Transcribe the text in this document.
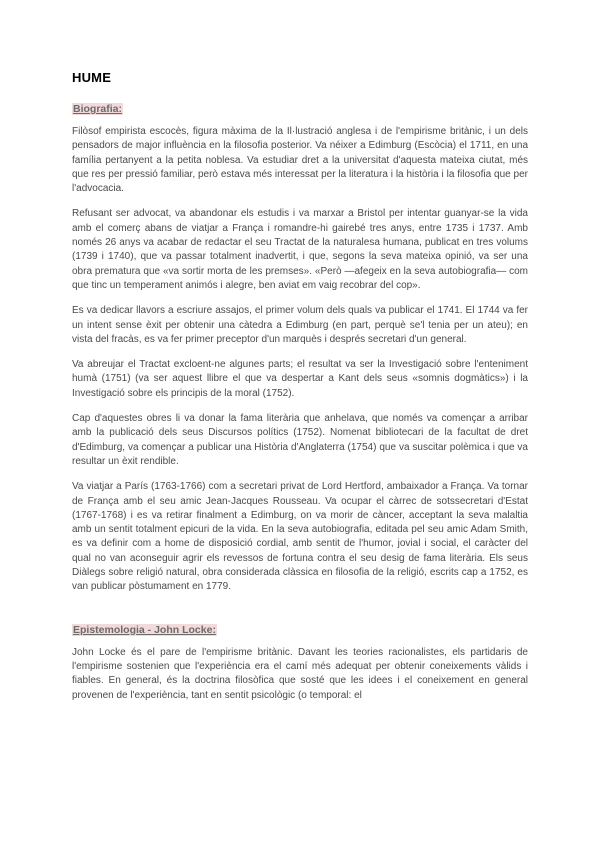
HUME
Biografia:

Filòsof empirista escocès, figura màxima de la Il·lustració anglesa i de l'empirisme britànic, i un dels pensadors de major influència en la filosofia posterior. Va néixer a Edimburg (Escòcia) el 1711, en una família pertanyent a la petita noblesa. Va estudiar dret a la universitat d'aquesta mateixa ciutat, més que res per pressió familiar, però estava més interessat per la literatura i la història i la filosofia que per l'advocacia.

Refusant ser advocat, va abandonar els estudis i va marxar a Bristol per intentar guanyar-se la vida amb el comerç abans de viatjar a França i romandre-hi gairebé tres anys, entre 1735 i 1737. Amb només 26 anys va acabar de redactar el seu Tractat de la naturalesa humana, publicat en tres volums (1739 i 1740), que va passar totalment inadvertit, i que, segons la seva mateixa opinió, va ser una obra prematura que «va sortir morta de les premses». «Però —afegeix en la seva autobiografia— com que tinc un temperament animós i alegre, ben aviat em vaig recobrar del cop».

Es va dedicar llavors a escriure assajos, el primer volum dels quals va publicar el 1741. El 1744 va fer un intent sense èxit per obtenir una càtedra a Edimburg (en part, perquè se'l tenia per un ateu); en vista del fracàs, es va fer primer preceptor d'un marquès i després secretari d'un general.

Va abreujar el Tractat excloent-ne algunes parts; el resultat va ser la Investigació sobre l'enteniment humà (1751) (va ser aquest llibre el que va despertar a Kant dels seus «somnis dogmàtics») i la Investigació sobre els principis de la moral (1752).

Cap d'aquestes obres li va donar la fama literària que anhelava, que només va començar a arribar amb la publicació dels seus Discursos polítics (1752). Nomenat bibliotecari de la facultat de dret d'Edimburg, va començar a publicar una Història d'Anglaterra (1754) que va suscitar polèmica i que va resultar un èxit rendible.

Va viatjar a París (1763-1766) com a secretari privat de Lord Hertford, ambaixador a França. Va tornar de França amb el seu amic Jean-Jacques Rousseau. Va ocupar el càrrec de sotssecretari d'Estat (1767-1768) i es va retirar finalment a Edimburg, on va morir de càncer, acceptant la seva malaltia amb un sentit totalment epicuri de la vida. En la seva autobiografia, editada pel seu amic Adam Smith, es va definir com a home de disposició cordial, amb sentit de l'humor, jovial i social, el caràcter del qual no van aconseguir agrir els revessos de fortuna contra el seu desig de fama literària. Els seus Diàlegs sobre religió natural, obra considerada clàssica en filosofia de la religió, escrits cap a 1752, es van publicar pòstumament en 1779.

Epistemologia - John Locke:

John Locke és el pare de l'empirisme britànic. Davant les teories racionalistes, els partidaris de l'empirisme sostenien que l'experiència era el camí més adequat per obtenir coneixements vàlids i fiables. En general, és la doctrina filosòfica que sosté que les idees i el coneixement en general provenen de l'experiència, tant en sentit psicològic (o temporal: el
